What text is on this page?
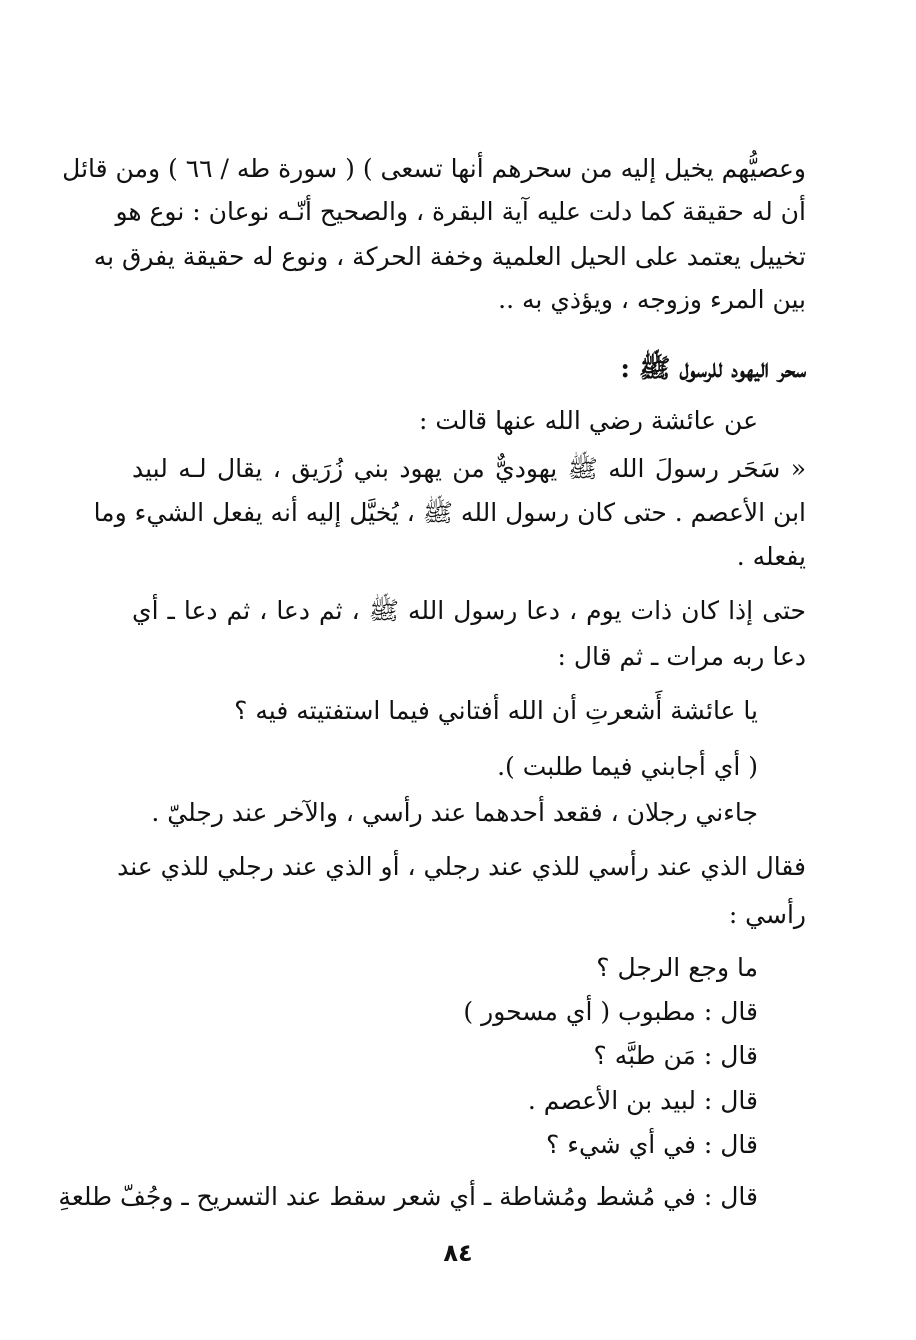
وعصيُّهم يخيل إليه من سحرهم أنها تسعى ) ( سورة طه / ٦٦ ) ومن قائل
أن له حقيقة كما دلت عليه آية البقرة ، والصحيح أنّـه نوعان : نوع هو
تخييل يعتمد على الحيل العلمية وخفة الحركة ، ونوع له حقيقة يفرق به
بين المرء وزوجه ، ويؤذي به ..
سحر اليهود للرسول ﷺ :
عن عائشة رضي الله عنها قالت :
« سَحَر رسولَ الله ﷺ يهوديٌّ من يهود بني زُرَيق ، يقال لـه لبيد
ابن الأعصم . حتى كان رسول الله ﷺ ، يُخيَّل إليه أنه يفعل الشيء وما
يفعله .
حتى إذا كان ذات يوم ، دعا رسول الله ﷺ ، ثم دعا ، ثم دعا ـ أي
دعا ربه مرات ـ ثم قال :
يا عائشة أَشعرتِ أن الله أفتاني فيما استفتيته فيه ؟
( أي أجابني فيما طلبت ).
جاءني رجلان ، فقعد أحدهما عند رأسي ، والآخر عند رجليّ .
فقال الذي عند رأسي للذي عند رجلي ، أو الذي عند رجلي للذي عند
رأسي :
ما وجع الرجل ؟
قال : مطبوب ( أي مسحور )
قال : مَن طبَّه ؟
قال : لبيد بن الأعصم .
قال : في أي شيء ؟
قال : في مُشط ومُشاطة ـ أي شعر سقط عند التسريح ـ وجُفّ طلعةِ
٨٤
